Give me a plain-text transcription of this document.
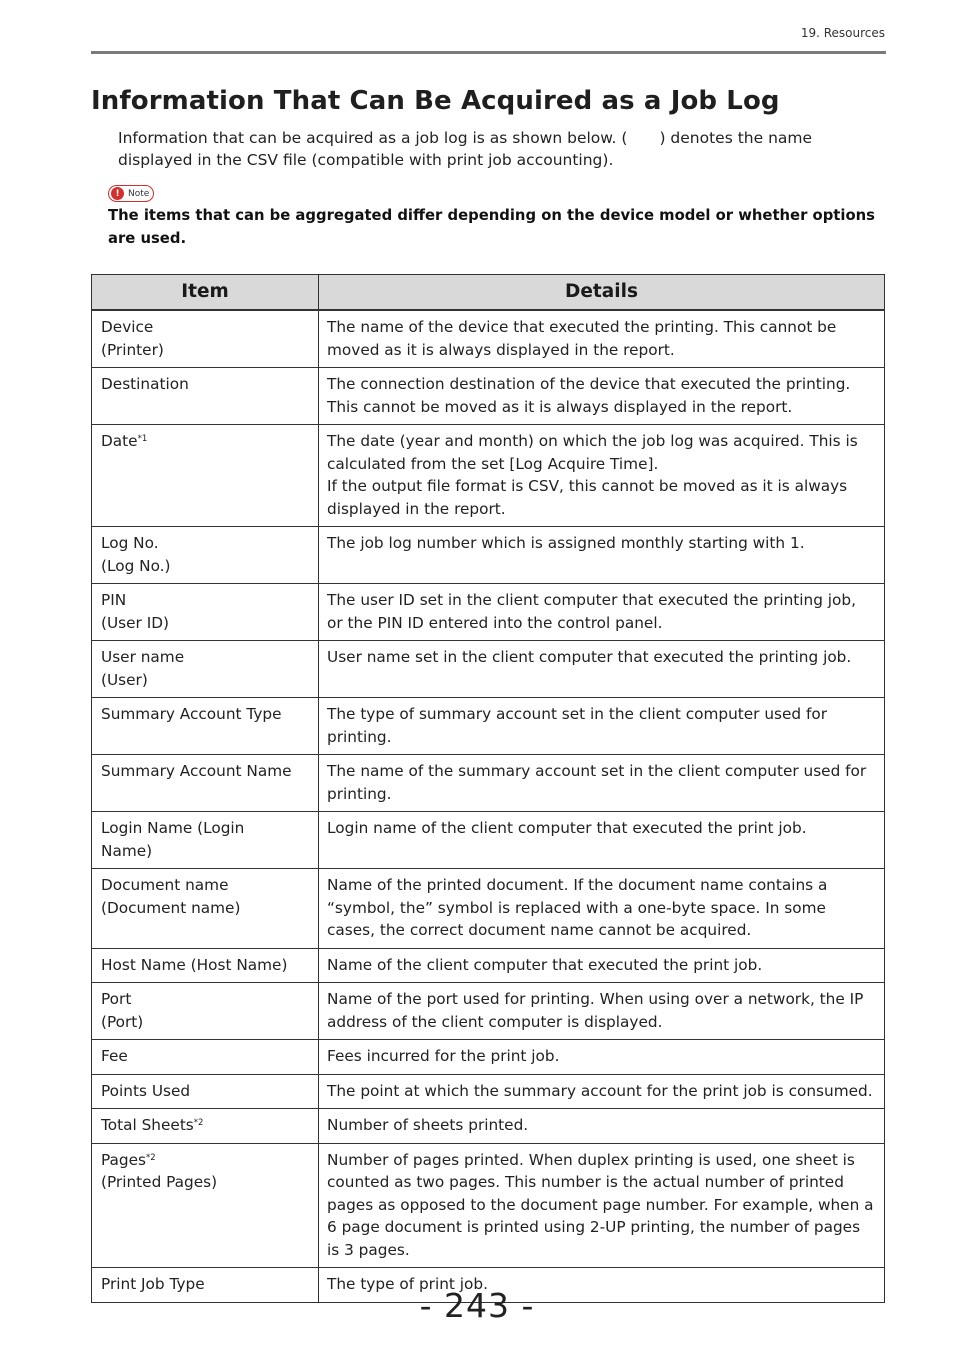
19. Resources
Information That Can Be Acquired as a Job Log
Information that can be acquired as a job log is as shown below. ( ) denotes the name displayed in the CSV file (compatible with print job accounting).
! Note
The items that can be aggregated differ depending on the device model or whether options are used.
Item	Details
Device
(Printer)	The name of the device that executed the printing. This cannot be moved as it is always displayed in the report.
Destination	The connection destination of the device that executed the printing. This cannot be moved as it is always displayed in the report.
Date$^{*1}$	The date (year and month) on which the job log was acquired. This is calculated from the set [Log Acquire Time].
If the output file format is CSV, this cannot be moved as it is always displayed in the report.
Log No.
(Log No.)	The job log number which is assigned monthly starting with 1.
PIN
(User ID)	The user ID set in the client computer that executed the printing job, or the PIN ID entered into the control panel.
User name
(User)	User name set in the client computer that executed the printing job.
Summary Account Type	The type of summary account set in the client computer used for printing.
Summary Account Name	The name of the summary account set in the client computer used for printing.
Login Name (Login
Name)	Login name of the client computer that executed the print job.
Document name
(Document name)	Name of the printed document. If the document name contains a “symbol, the” symbol is replaced with a one-byte space. In some cases, the correct document name cannot be acquired.
Host Name (Host Name)	Name of the client computer that executed the print job.
Port
(Port)	Name of the port used for printing. When using over a network, the IP address of the client computer is displayed.
Fee	Fees incurred for the print job.
Points Used	The point at which the summary account for the print job is consumed.
Total Sheets$^{*2}$	Number of sheets printed.
Pages$^{*2}$
(Printed Pages)	Number of pages printed. When duplex printing is used, one sheet is counted as two pages. This number is the actual number of printed pages as opposed to the document page number. For example, when a 6 page document is printed using 2-UP printing, the number of pages is 3 pages.
Print Job Type	The type of print job.
- 243 -
